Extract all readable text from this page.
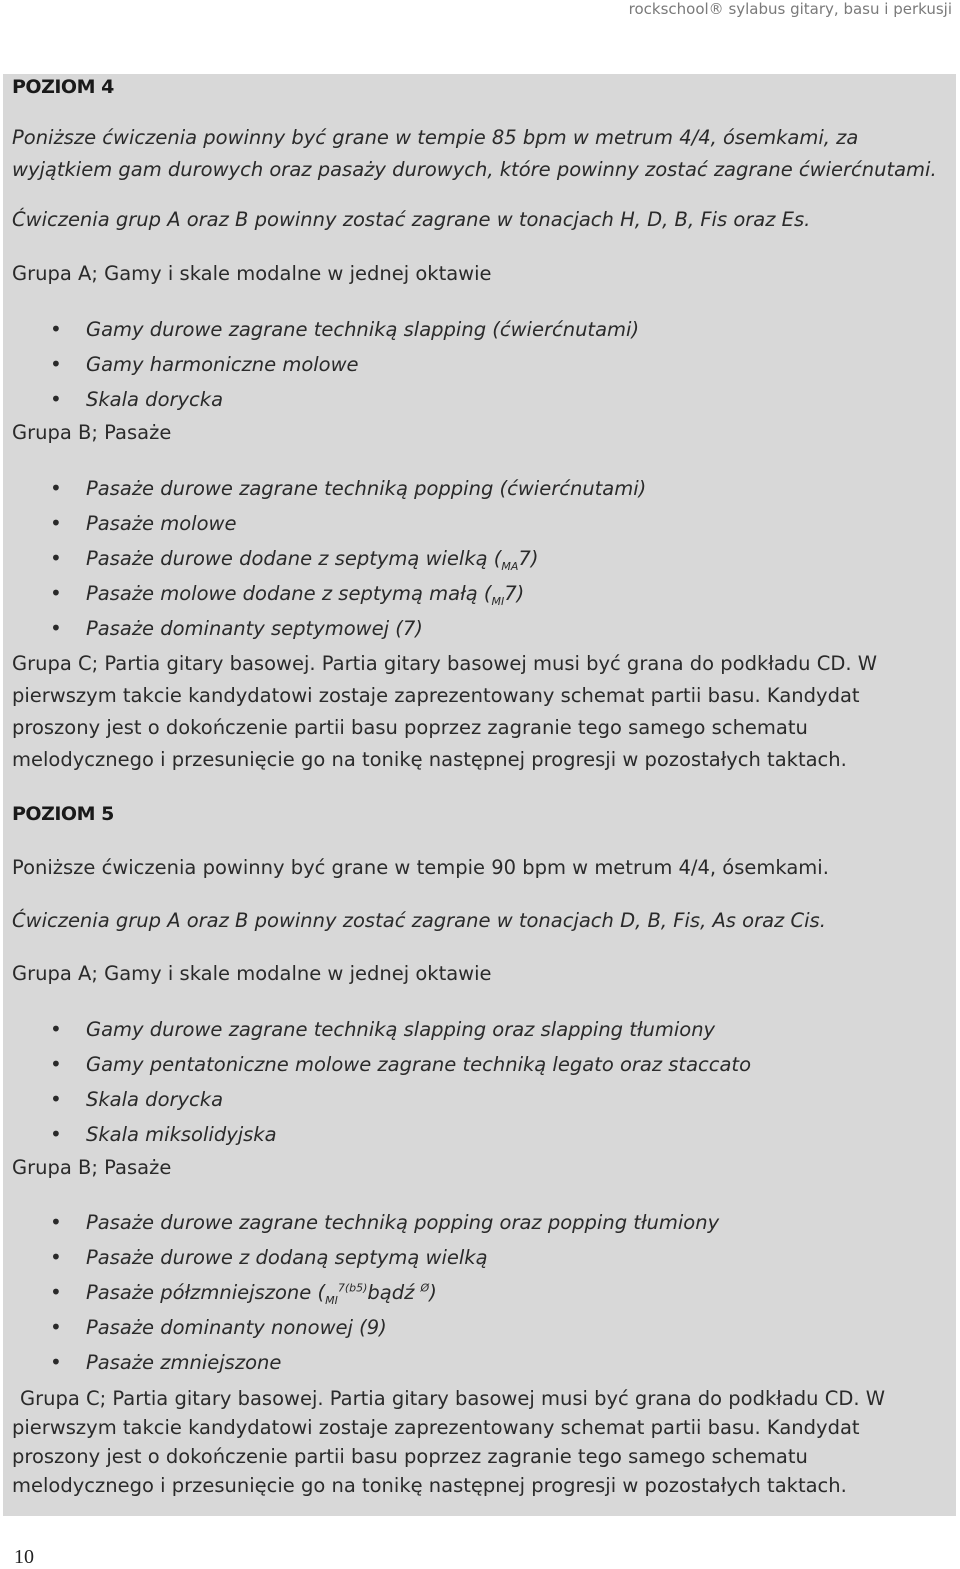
rockschool® sylabus gitary, basu i perkusji
POZIOM 4
Poniższe ćwiczenia powinny być grane w tempie 85 bpm w metrum 4/4, ósemkami, za wyjątkiem gam durowych oraz pasaży durowych, które powinny zostać zagrane ćwierćnutami.
Ćwiczenia grup A oraz B powinny zostać zagrane w tonacjach H, D, B, Fis oraz Es.
Grupa A; Gamy i skale modalne w jednej oktawie
• Gamy durowe zagrane techniką slapping (ćwierćnutami)
• Gamy harmoniczne molowe
• Skala dorycka
Grupa B; Pasaże
• Pasaże durowe zagrane techniką popping (ćwierćnutami)
• Pasaże molowe
• Pasaże durowe dodane z septymą wielką $(_{MA}7)$
• Pasaże molowe dodane z septymą małą $(_{MI}7)$
• Pasaże dominanty septymowej (7)
Grupa C; Partia gitary basowej. Partia gitary basowej musi być grana do podkładu CD. W pierwszym takcie kandydatowi zostaje zaprezentowany schemat partii basu. Kandydat proszony jest o dokończenie partii basu poprzez zagranie tego samego schematu melodycznego i przesunięcie go na tonikę następnej progresji w pozostałych taktach.
POZIOM 5
Poniższe ćwiczenia powinny być grane w tempie 90 bpm w metrum 4/4, ósemkami.
Ćwiczenia grup A oraz B powinny zostać zagrane w tonacjach D, B, Fis, As oraz Cis.
Grupa A; Gamy i skale modalne w jednej oktawie
• Gamy durowe zagrane techniką slapping oraz slapping tłumiony
• Gamy pentatoniczne molowe zagrane techniką legato oraz staccato
• Skala dorycka
• Skala miksolidyjska
Grupa B; Pasaże
• Pasaże durowe zagrane techniką popping oraz popping tłumiony
• Pasaże durowe z dodaną septymą wielką
• Pasaże półzmniejszone ($_{MI}^{7(b5)}bądź$ $^Ø$)
• Pasaże dominanty nonowej (9)
• Pasaże zmniejszone
Grupa C; Partia gitary basowej. Partia gitary basowej musi być grana do podkładu CD. W pierwszym takcie kandydatowi zostaje zaprezentowany schemat partii basu. Kandydat proszony jest o dokończenie partii basu poprzez zagranie tego samego schematu melodycznego i przesunięcie go na tonikę następnej progresji w pozostałych taktach.
10
